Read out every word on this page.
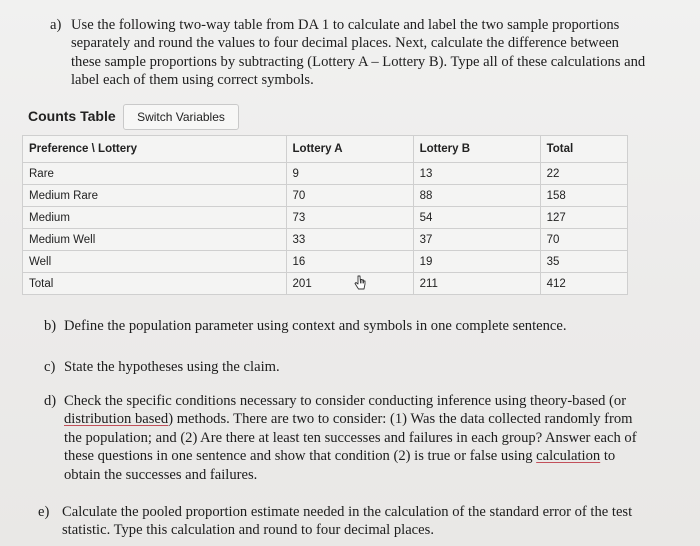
a) Use the following two-way table from DA 1 to calculate and label the two sample proportions separately and round the values to four decimal places. Next, calculate the difference between these sample proportions by subtracting (Lottery A – Lottery B). Type all of these calculations and label each of them using correct symbols.
Counts Table	Switch Variables
Preference \ Lottery	Lottery A	Lottery B	Total
Rare	9	13	22
Medium Rare	70	88	158
Medium	73	54	127
Medium Well	33	37	70
Well	16	19	35
Total	201	211	412
b) Define the population parameter using context and symbols in one complete sentence.
c) State the hypotheses using the claim.
d) Check the specific conditions necessary to consider conducting inference using theory-based (or distribution based) methods. There are two to consider: (1) Was the data collected randomly from the population; and (2) Are there at least ten successes and failures in each group? Answer each of these questions in one sentence and show that condition (2) is true or false using calculation to obtain the successes and failures.
e) Calculate the pooled proportion estimate needed in the calculation of the standard error of the test statistic. Type this calculation and round to four decimal places.
